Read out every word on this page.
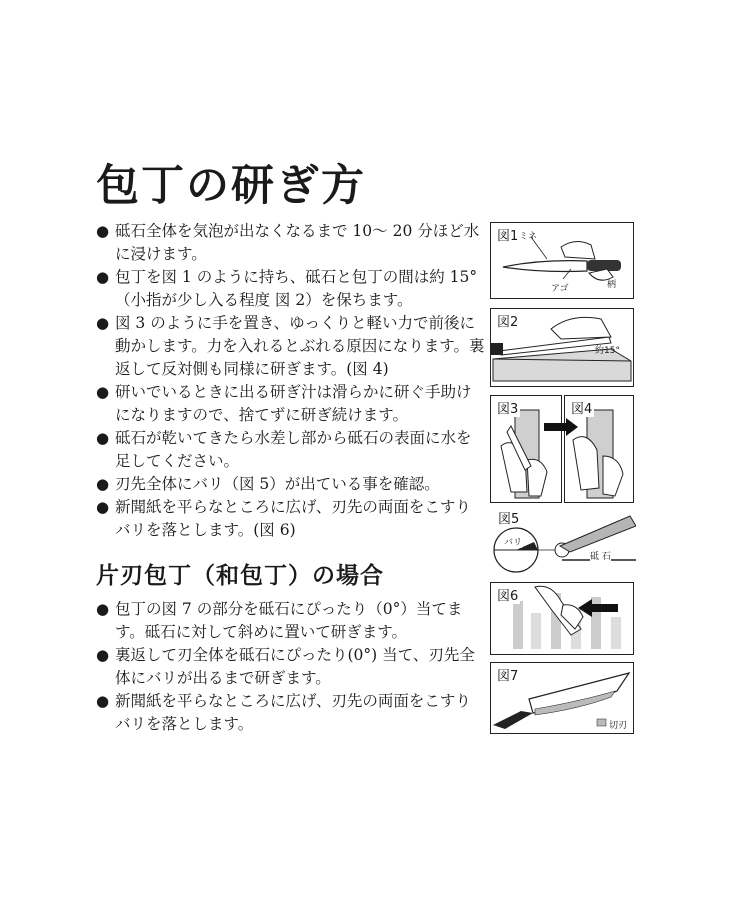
包丁の研ぎ方
● 砥石全体を気泡が出なくなるまで 10～ 20 分ほど水に浸けます。
● 包丁を図 1 のように持ち、砥石と包丁の間は約 15°（小指が少し入る程度 図 2）を保ちます。
● 図 3 のように手を置き、ゆっくりと軽い力で前後に動かします。力を入れるとぶれる原因になります。裏返して反対側も同様に研ぎます。(図 4)
● 研いでいるときに出る研ぎ汁は滑らかに研ぐ手助けになりますので、捨てずに研ぎ続けます。
● 砥石が乾いてきたら水差し部から砥石の表面に水を足してください。
● 刃先全体にバリ（図 5）が出ている事を確認。
● 新聞紙を平らなところに広げ、刃先の両面をこすりバリを落とします。(図 6)
片刃包丁（和包丁）の場合
● 包丁の図 7 の部分を砥石にぴったり（0°）当てます。砥石に対して斜めに置いて研ぎます。
● 裏返して刃全体を砥石にぴったり(0°) 当て、刃先全体にバリが出るまで研ぎます。
● 新聞紙を平らなところに広げ、刃先の両面をこすりバリを落とします。
図1 ミネ
アゴ	柄
図2
約15°
図3	図4
図5
バリ
砥 石
図6
図7
切刃
